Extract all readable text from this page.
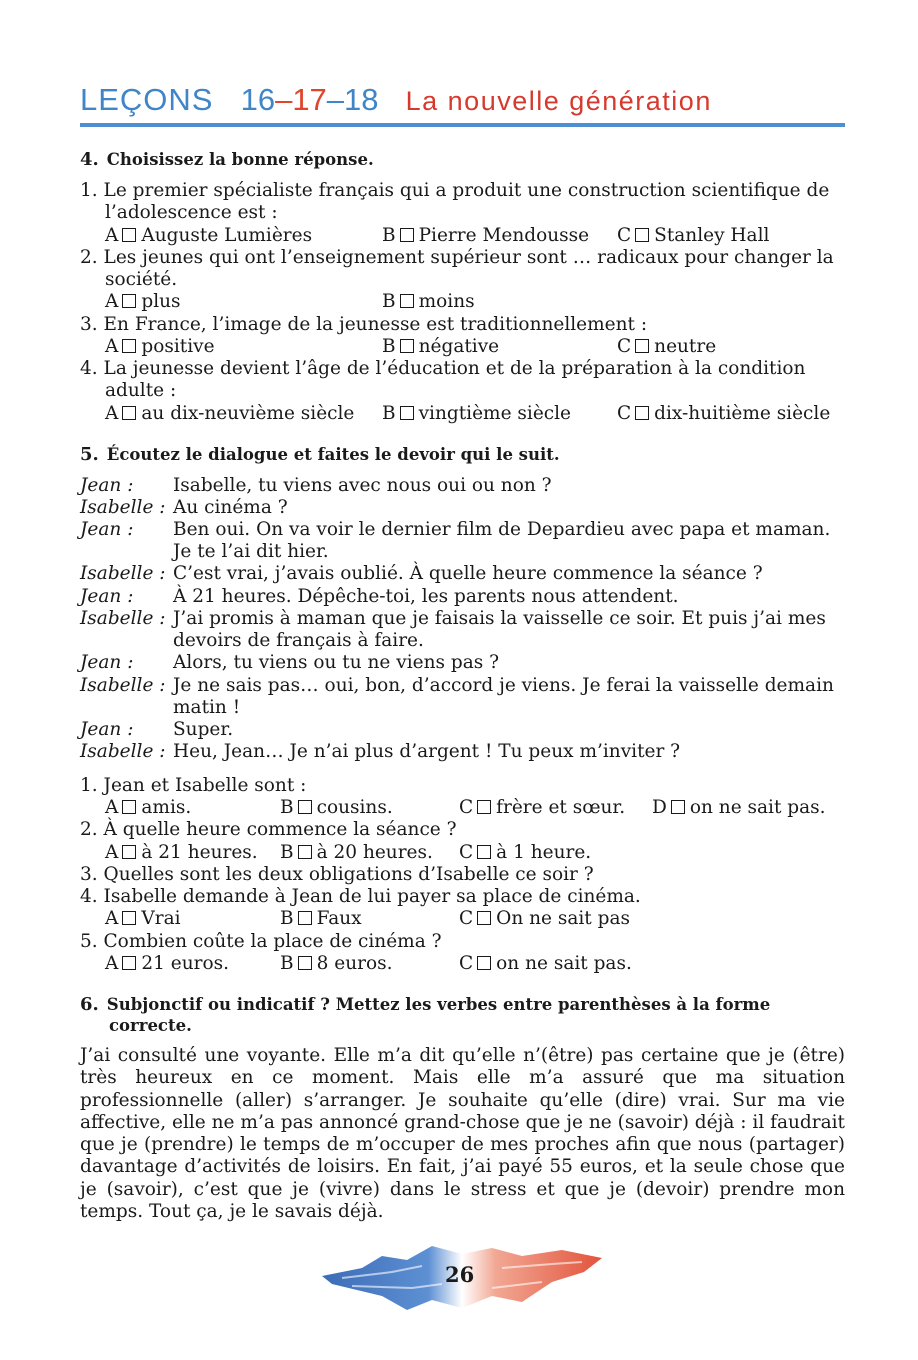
LEÇONS 16–17–18 La nouvelle génération
4. Choisissez la bonne réponse.
1. Le premier spécialiste français qui a produit une construction scientifique de
l’adolescence est :
A Auguste Lumières	B Pierre Mendousse C Stanley Hall
2. Les jeunes qui ont l’enseignement supérieur sont … radicaux pour changer la
société.
A plus	B moins
3. En France, l’image de la jeunesse est traditionnellement :
A positive	B négative	C neutre
4. La jeunesse devient l’âge de l’éducation et de la préparation à la condition
adulte :
A au dix-neuvième siècle B vingtième siècle C dix-huitième siècle
5. Écoutez le dialogue et faites le devoir qui le suit.
Jean : Isabelle, tu viens avec nous oui ou non ?
Isabelle : Au cinéma ?
Jean : Ben oui. On va voir le dernier film de Depardieu avec papa et maman.
Je te l’ai dit hier.
Isabelle : C’est vrai, j’avais oublié. À quelle heure commence la séance ?
Jean : À 21 heures. Dépêche-toi, les parents nous attendent.
Isabelle : J’ai promis à maman que je faisais la vaisselle ce soir. Et puis j’ai mes
devoirs de français à faire.
Jean : Alors, tu viens ou tu ne viens pas ?
Isabelle : Je ne sais pas… oui, bon, d’accord je viens. Je ferai la vaisselle demain
matin !
Jean : Super.
Isabelle : Heu, Jean… Je n’ai plus d’argent ! Tu peux m’inviter ?
1. Jean et Isabelle sont :
A amis.	B cousins.	C frère et sœur. D on ne sait pas.
2. À quelle heure commence la séance ?
A à 21 heures. B à 20 heures. C à 1 heure.
3. Quelles sont les deux obligations d’Isabelle ce soir ?
4. Isabelle demande à Jean de lui payer sa place de cinéma.
A Vrai	B Faux	C On ne sait pas
5. Combien coûte la place de cinéma ?
A 21 euros.	B 8 euros.	C on ne sait pas.
6. Subjonctif ou indicatif ? Mettez les verbes entre parenthèses à la forme
correcte.
J’ai consulté une voyante. Elle m’a dit qu’elle n’(être) pas certaine que je (être) très heureux en ce moment. Mais elle m’a assuré que ma situation professionnelle (aller) s’arranger. Je souhaite qu’elle (dire) vrai. Sur ma vie affective, elle ne m’a pas annoncé grand-chose que je ne (savoir) déjà : il faudrait que je (prendre) le temps de m’occuper de mes proches afin que nous (partager) davantage d’activités de loisirs. En fait, j’ai payé 55 euros, et la seule chose que je (savoir), c’est que je (vivre) dans le stress et que je (devoir) prendre mon temps. Tout ça, je le savais déjà.
26
